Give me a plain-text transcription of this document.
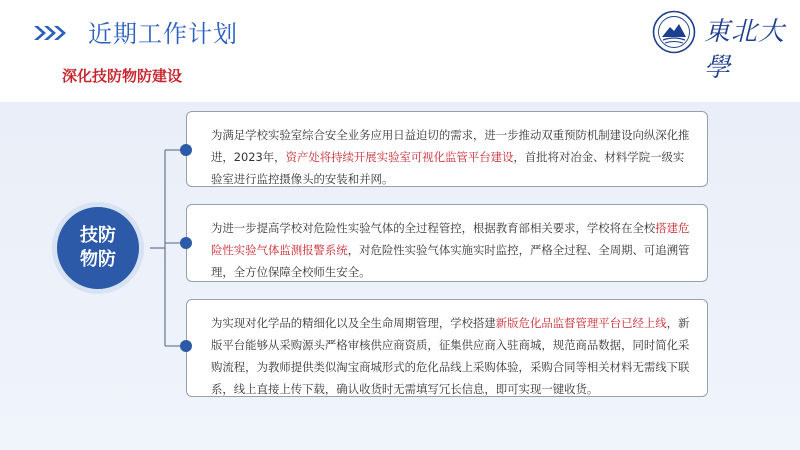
近期工作计划	東北大學
深化技防物防建设
技防
物防
为满足学校实验室综合安全业务应用日益迫切的需求，进一步推动双重预防机制建设向纵深化推进，2023年，资产处将持续开展实验室可视化监管平台建设，首批将对冶金、材料学院一级实验室进行监控摄像头的安装和并网。
为进一步提高学校对危险性实验气体的全过程管控，根据教育部相关要求，学校将在全校搭建危险性实验气体监测报警系统，对危险性实验气体实施实时监控，严格全过程、全周期、可追溯管理，全方位保障全校师生安全。
为实现对化学品的精细化以及全生命周期管理，学校搭建新版危化品监督管理平台已经上线，新版平台能够从采购源头严格审核供应商资质，征集供应商入驻商城，规范商品数据，同时简化采购流程，为教师提供类似淘宝商城形式的危化品线上采购体验，采购合同等相关材料无需线下联系，线上直接上传下载，确认收货时无需填写冗长信息，即可实现一键收货。
